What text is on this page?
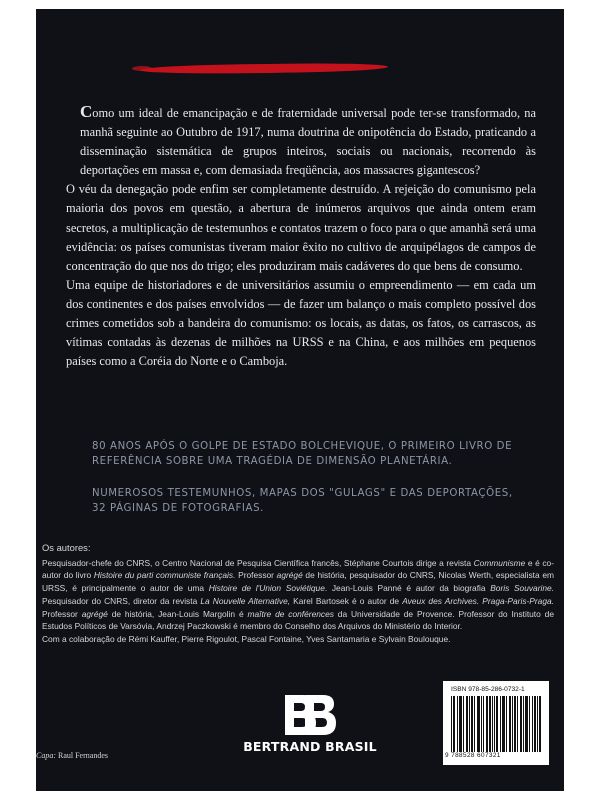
Como um ideal de emancipação e de fraternidade universal pode ter-se transformado, na manhã seguinte ao Outubro de 1917, numa doutrina de onipotência do Estado, praticando a disseminação sistemática de grupos inteiros, sociais ou nacionais, recorrendo às deportações em massa e, com demasiada freqüência, aos massacres gigantescos?

O véu da denegação pode enfim ser completamente destruído. A rejeição do comunismo pela maioria dos povos em questão, a abertura de inúmeros arquivos que ainda ontem eram secretos, a multiplicação de testemunhos e contatos trazem o foco para o que amanhã será uma evidência: os países comunistas tiveram maior êxito no cultivo de arquipélagos de campos de concentração do que nos do trigo; eles produziram mais cadáveres do que bens de consumo.

Uma equipe de historiadores e de universitários assumiu o empreendimento — em cada um dos continentes e dos países envolvidos — de fazer um balanço o mais completo possível dos crimes cometidos sob a bandeira do comunismo: os locais, as datas, os fatos, os carrascos, as vítimas contadas às dezenas de milhões na URSS e na China, e aos milhões em pequenos países como a Coréia do Norte e o Camboja.

80 ANOS APÓS O GOLPE DE ESTADO BOLCHEVIQUE, O PRIMEIRO LIVRO DE REFERÊNCIA SOBRE UMA TRAGÉDIA DE DIMENSÃO PLANETÁRIA.
NUMEROSOS TESTEMUNHOS, MAPAS DOS "GULAGS" E DAS DEPORTAÇÕES, 32 PÁGINAS DE FOTOGRAFIAS.

Os autores:

Pesquisador-chefe do CNRS, o Centro Nacional de Pesquisa Científica francês, Stéphane Courtois dirige a revista Communisme e é co-autor do livro Histoire du parti communiste français. Professor agrégé de história, pesquisador do CNRS, Nicolas Werth, especialista em URSS, é principalmente o autor de uma Histoire de l'Union Soviétique. Jean-Louis Panné é autor da biografia Boris Souvarine. Pesquisador do CNRS, diretor da revista La Nouvelle Alternative, Karel Bartosek é o autor de Aveux des Archives. Praga-Paris-Praga. Professor agrégé de história, Jean-Louis Margolin é maître de conférences da Universidade de Provence. Professor do Instituto de Estudos Políticos de Varsóvia, Andrzej Paczkowski é membro do Conselho dos Arquivos do Ministério do Interior.

Com a colaboração de Rémi Kauffer, Pierre Rigoulot, Pascal Fontaine, Yves Santamaria e Sylvain Boulouque.

BERTRAND BRASIL
ISBN 978-85-286-0732-1
9 788528 607321
Capa: Raul Fernandes
